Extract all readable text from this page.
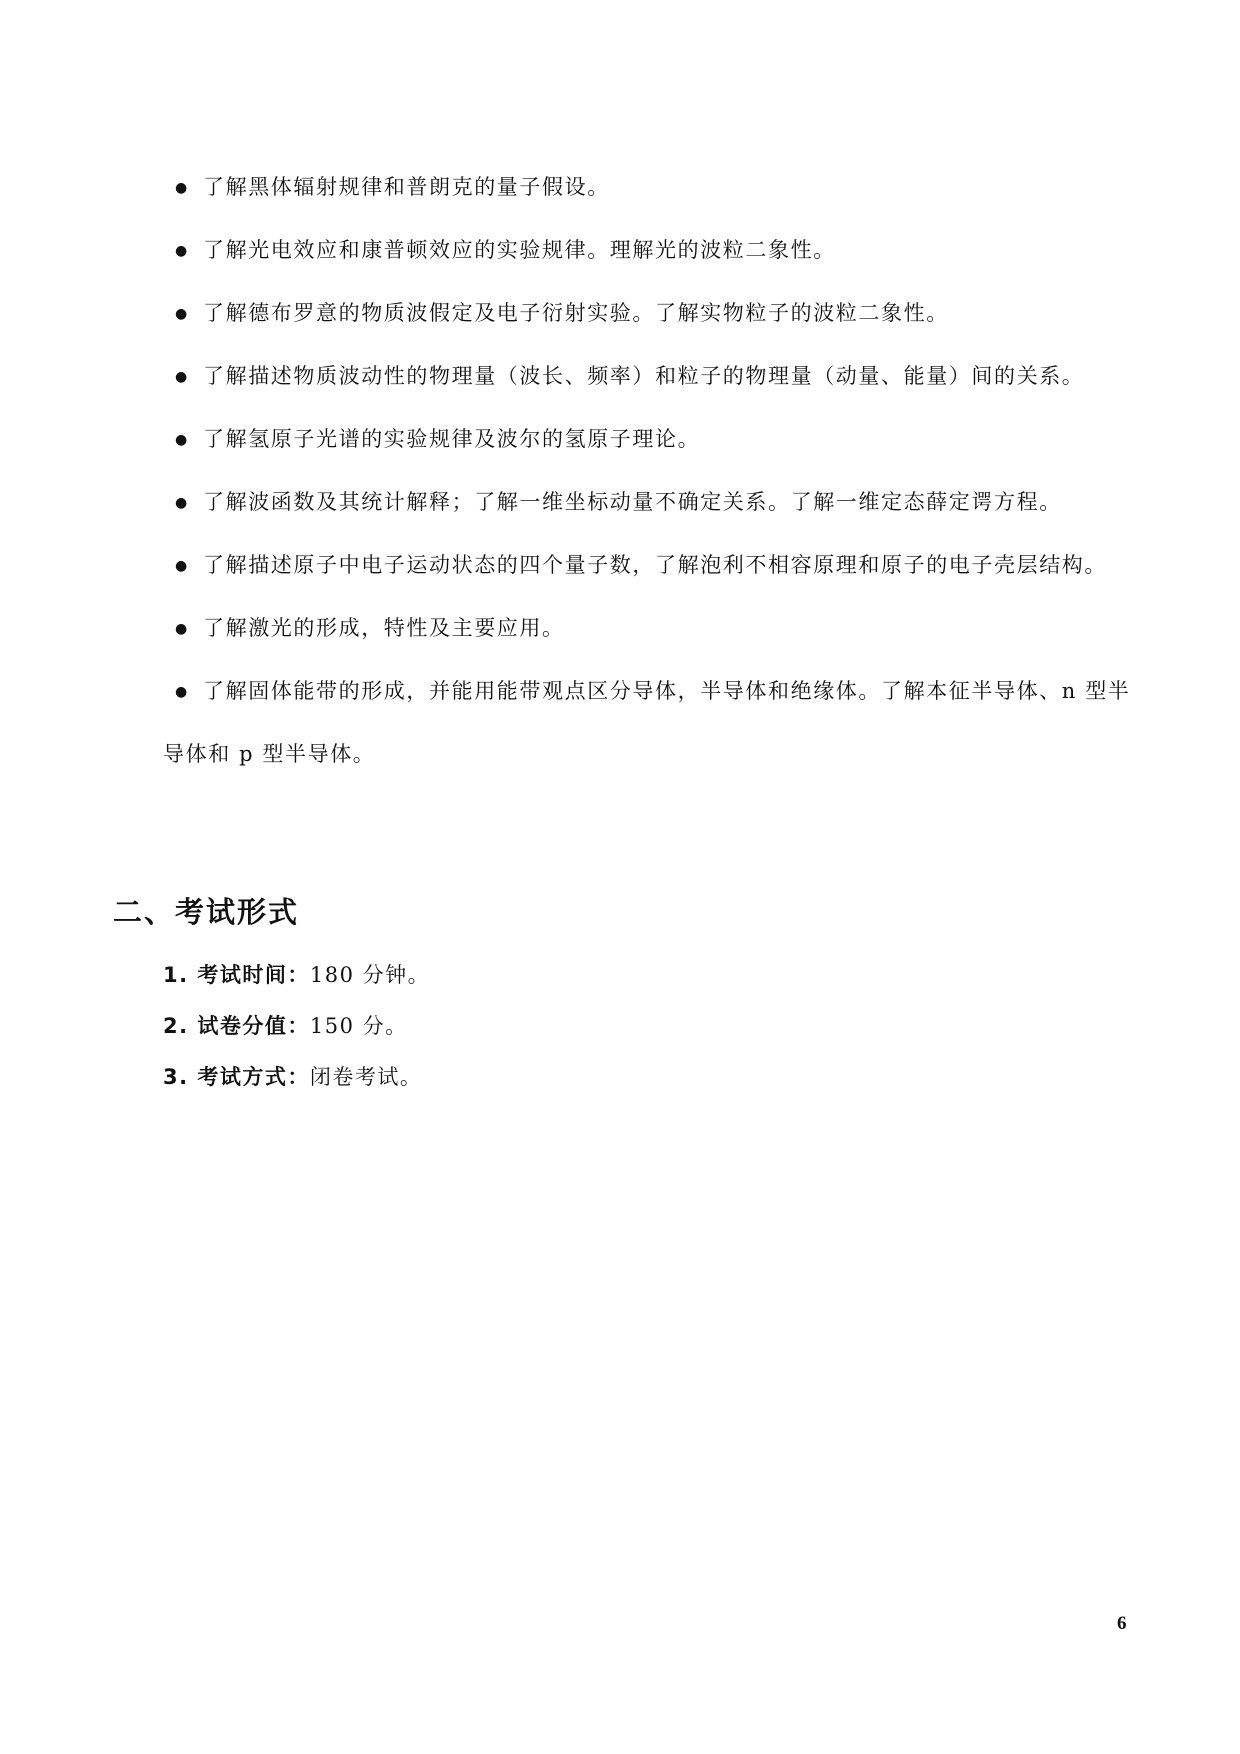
● 了解黑体辐射规律和普朗克的量子假设。

● 了解光电效应和康普顿效应的实验规律。理解光的波粒二象性。

● 了解德布罗意的物质波假定及电子衍射实验。了解实物粒子的波粒二象性。

● 了解描述物质波动性的物理量（波长、频率）和粒子的物理量（动量、能量）间的关系。

● 了解氢原子光谱的实验规律及波尔的氢原子理论。

● 了解波函数及其统计解释；了解一维坐标动量不确定关系。了解一维定态薛定谔方程。

● 了解描述原子中电子运动状态的四个量子数，了解泡利不相容原理和原子的电子壳层结构。

● 了解激光的形成，特性及主要应用。

● 了解固体能带的形成，并能用能带观点区分导体，半导体和绝缘体。了解本征半导体、n 型半导体和 p 型半导体。

二、考试形式

1. 考试时间：180 分钟。

2. 试卷分值：150 分。

3. 考试方式：闭卷考试。

6
